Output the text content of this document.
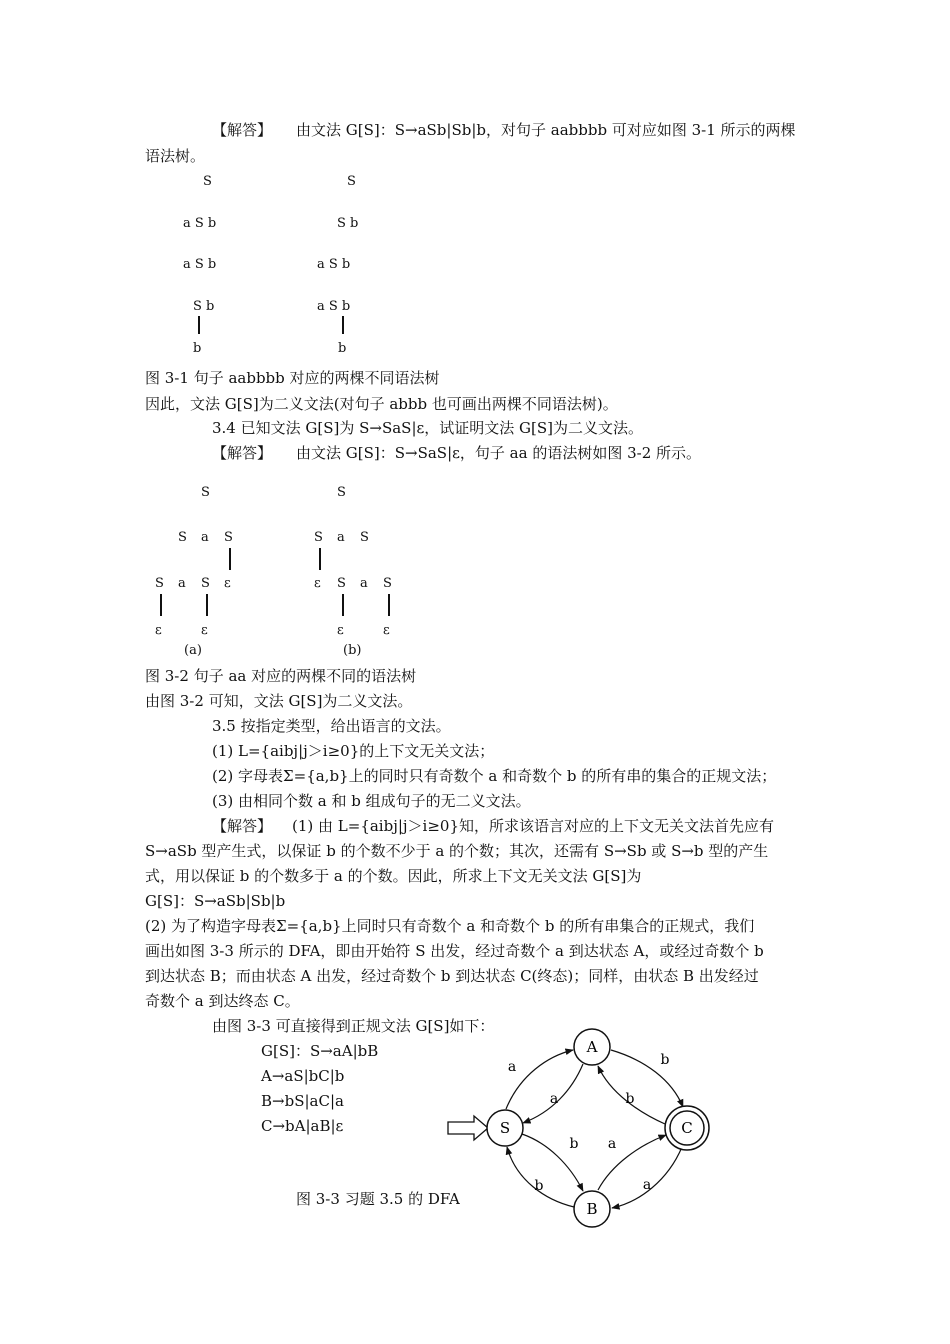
【解答】 由文法 G[S]：S→aSb|Sb|b，对句子 aabbbb 可对应如图 3-1 所示的两棵
语法树。
S
a S b
a S b
S b
b
S
S b
a S b
a S b
b
图 3-1 句子 aabbbb 对应的两棵不同语法树
因此，文法 G[S]为二义文法(对句子 abbb 也可画出两棵不同语法树)。
3.4 已知文法 G[S]为 S→SaS|ε，试证明文法 G[S]为二义文法。
【解答】 由文法 G[S]：S→SaS|ε，句子 aa 的语法树如图 3-2 所示。
S
S a S
S a S ε
ε	ε
(a)
S
S a S
ε S a S
ε	ε
(b)
图 3-2 句子 aa 对应的两棵不同的语法树
由图 3-2 可知，文法 G[S]为二义文法。
3.5 按指定类型，给出语言的文法。
(1) L={aibj|j＞i≥0}的上下文无关文法；
(2) 字母表Σ={a,b}上的同时只有奇数个 a 和奇数个 b 的所有串的集合的正规文法；
(3) 由相同个数 a 和 b 组成句子的无二义文法。
【解答】 (1) 由 L={aibj|j＞i≥0}知，所求该语言对应的上下文无关文法首先应有
S→aSb 型产生式，以保证 b 的个数不少于 a 的个数；其次，还需有 S→Sb 或 S→b 型的产生
式，用以保证 b 的个数多于 a 的个数。因此，所求上下文无关文法 G[S]为
G[S]：S→aSb|Sb|b
(2) 为了构造字母表Σ={a,b}上同时只有奇数个 a 和奇数个 b 的所有串集合的正规式，我们
画出如图 3-3 所示的 DFA，即由开始符 S 出发，经过奇数个 a 到达状态 A，或经过奇数个 b
到达状态 B；而由状态 A 出发，经过奇数个 b 到达状态 C(终态)；同样，由状态 B 出发经过
奇数个 a 到达终态 C。
由图 3-3 可直接得到正规文法 G[S]如下：
G[S]：S→aA|bB
A→aS|bC|b
B→bS|aC|a
C→bA|aB|ε
图 3-3 习题 3.5 的 DFA
S
A
B
C
a
a
b
b
b a
b	a
